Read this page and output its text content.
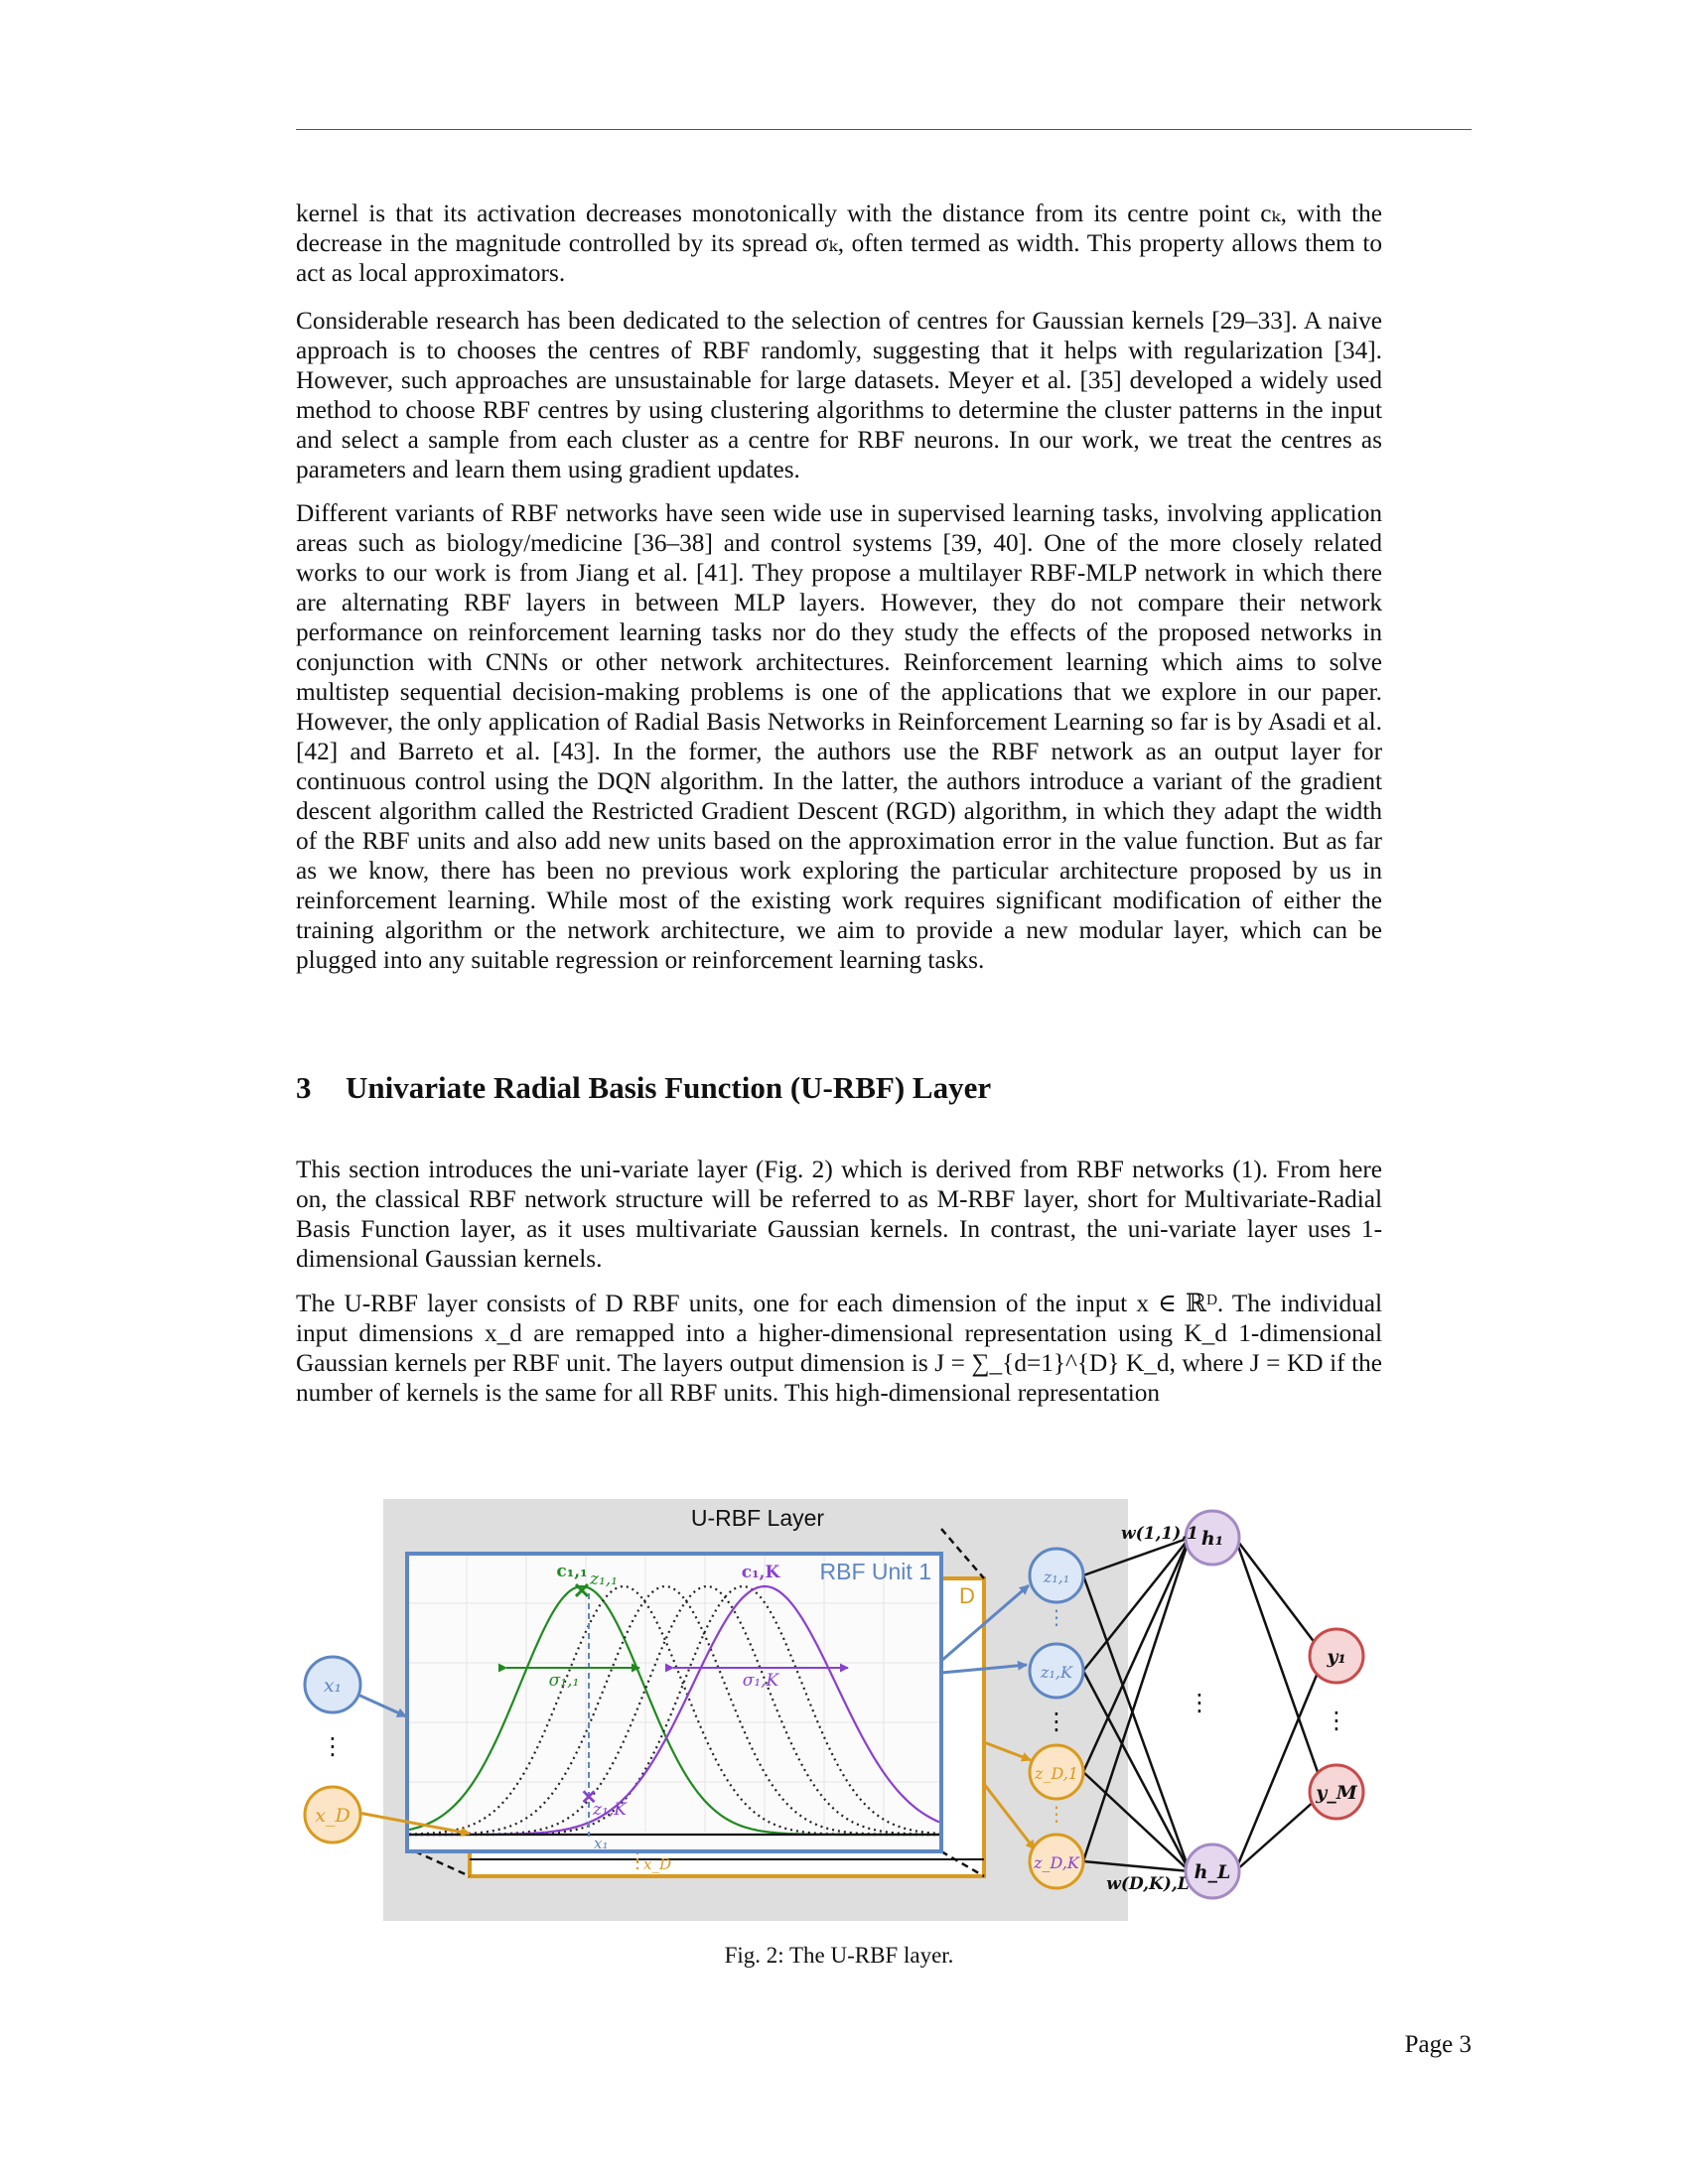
kernel is that its activation decreases monotonically with the distance from its centre point cₖ, with the decrease in the magnitude controlled by its spread σₖ, often termed as width. This property allows them to act as local approximators.

Considerable research has been dedicated to the selection of centres for Gaussian kernels [29–33]. A naive approach is to chooses the centres of RBF randomly, suggesting that it helps with regularization [34]. However, such approaches are unsustainable for large datasets. Meyer et al. [35] developed a widely used method to choose RBF centres by using clustering algorithms to determine the cluster patterns in the input and select a sample from each cluster as a centre for RBF neurons. In our work, we treat the centres as parameters and learn them using gradient updates.

Different variants of RBF networks have seen wide use in supervised learning tasks, involving application areas such as biology/medicine [36–38] and control systems [39, 40]. One of the more closely related works to our work is from Jiang et al. [41]. They propose a multilayer RBF-MLP network in which there are alternating RBF layers in between MLP layers. However, they do not compare their network performance on reinforcement learning tasks nor do they study the effects of the proposed networks in conjunction with CNNs or other network architectures. Reinforcement learning which aims to solve multistep sequential decision-making problems is one of the applications that we explore in our paper. However, the only application of Radial Basis Networks in Reinforcement Learning so far is by Asadi et al. [42] and Barreto et al. [43]. In the former, the authors use the RBF network as an output layer for continuous control using the DQN algorithm. In the latter, the authors introduce a variant of the gradient descent algorithm called the Restricted Gradient Descent (RGD) algorithm, in which they adapt the width of the RBF units and also add new units based on the approximation error in the value function. But as far as we know, there has been no previous work exploring the particular architecture proposed by us in reinforcement learning. While most of the existing work requires significant modification of either the training algorithm or the network architecture, we aim to provide a new modular layer, which can be plugged into any suitable regression or reinforcement learning tasks.

3 Univariate Radial Basis Function (U-RBF) Layer

This section introduces the uni-variate layer (Fig. 2) which is derived from RBF networks (1). From here on, the classical RBF network structure will be referred to as M-RBF layer, short for Multivariate-Radial Basis Function layer, as it uses multivariate Gaussian kernels. In contrast, the uni-variate layer uses 1-dimensional Gaussian kernels.

The U-RBF layer consists of D RBF units, one for each dimension of the input x ∈ ℝᴰ. The individual input dimensions x_d are remapped into a higher-dimensional representation using K_d 1-dimensional Gaussian kernels per RBF unit. The layers output dimension is J = ∑_{d=1}^{D} K_d, where J = KD if the number of kernels is the same for all RBF units. This high-dimensional representation

U-RBF Layer
D
x_D
RBF Unit 1
x₁
σ₁,₁	σ₁,K
✕
c₁,₁ z₁,₁	c₁,K
✕
z₁,K
x₁
⋮
x_D
z₁,₁
⋮
z₁,K
⋮
z_D,1
⋮
z_D,K
h₁
⋮
h_L
w(1,1),1
w(D,K),L
y₁
⋮
y_M

Fig. 2: The U-RBF layer.

Page 3
